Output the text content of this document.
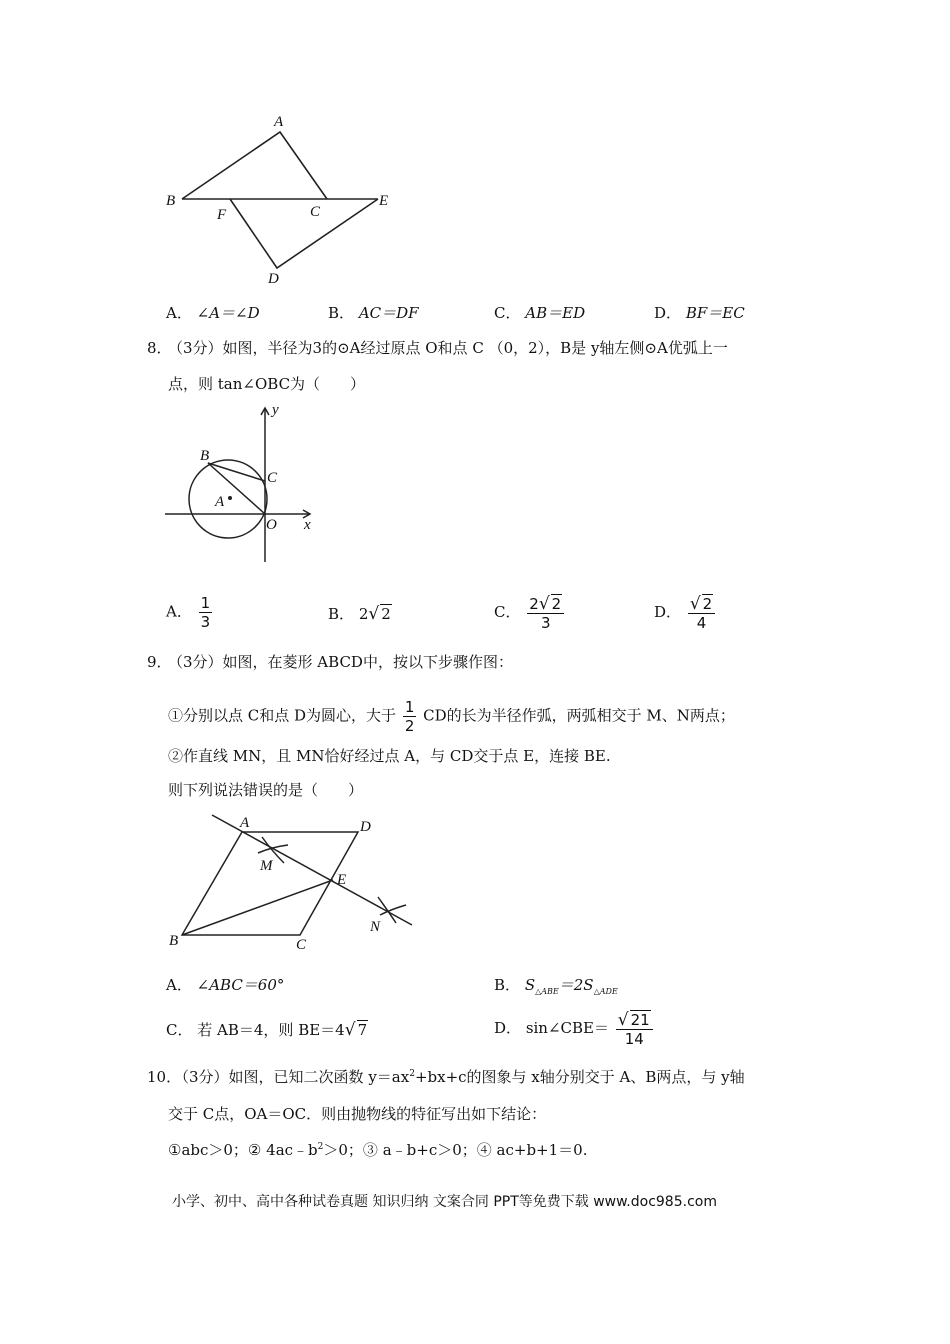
A
B
C
E
F
D
A． ∠A＝∠D	B． AC＝DF	C． AB＝ED	D． BF＝EC
8．
（3分）如图，半径为3的⊙A经过原点 O和点 C （0，2），B是 y轴左侧⊙A优弧上一
点，则 tan∠OBC为（　　）
y
x
B
C
A
O
A． $\frac{1}{3}$	B． 2√ 2	C． $\frac{2√ 2}{3}$	D． $\frac{√ 2}{4}$
9．
（3分）如图，在菱形 ABCD中，按以下步骤作图：
①分别以点 C和点 D为圆心，大于 $\frac{1}{2}$ CD的长为半径作弧，两弧相交于 M、N两点；
②作直线 MN，且 MN恰好经过点 A，与 CD交于点 E，连接 BE.
则下列说法错误的是（　　）
A	D
M
E
B	C
N
A． ∠ABC＝60°	B． $S_{\triangle ABE}=2S_{\triangle ADE}$
C． 若 AB＝4，则 BE＝4√ 7	D． sin∠CBE＝ $\frac{√ 21}{14}$
10．
（3分）如图，已知二次函数 $y=ax^2+bx+c$的图象与 x轴分别交于 A、B两点，与 y轴
交于 C点，OA＝OC．则由抛物线的特征写出如下结论：
①abc＞0；② $4ac﹣b^2>0$；③ a﹣b+c＞0；④ ac+b+1＝0.
小学、初中、高中各种试卷真题 知识归纳 文案合同 PPT等免费下载 www.doc985.com
